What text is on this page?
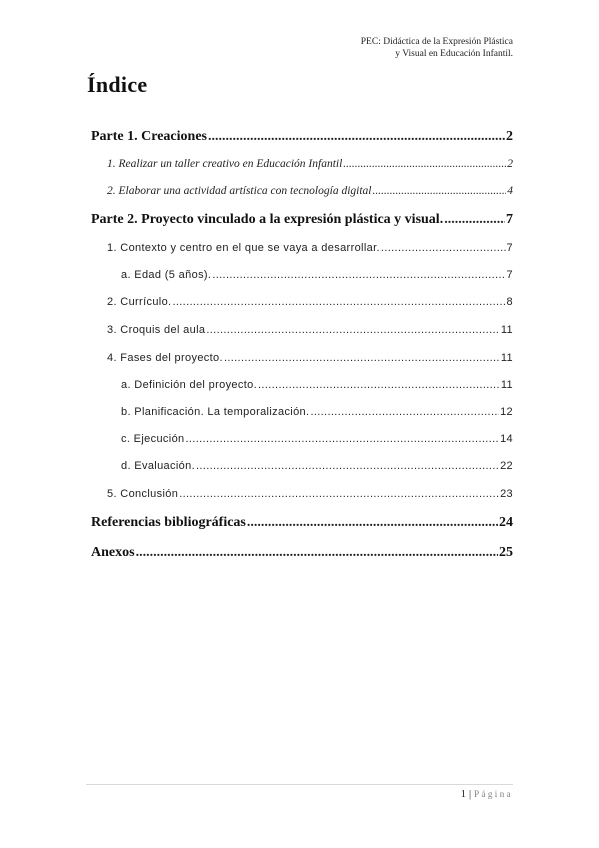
PEC: Didáctica de la Expresión Plástica
y Visual en Educación Infantil.
Índice
Parte 1. Creaciones .....	2
1. Realizar un taller creativo en Educación Infantil .....	2
2. Elaborar una actividad artística con tecnología digital .....	4
Parte 2. Proyecto vinculado a la expresión plástica y visual. .....	7
1. Contexto y centro en el que se vaya a desarrollar. .....	7
a. Edad (5 años). .....	7
2. Currículo. .....	8
3. Croquis del aula .....	11
4. Fases del proyecto. .....	11
a. Definición del proyecto. .....	11
b. Planificación. La temporalización. .....	12
c. Ejecución .....	14
d. Evaluación. .....	22
5. Conclusión .....	23
Referencias bibliográficas .....	24
Anexos .....	25
1 | Página
